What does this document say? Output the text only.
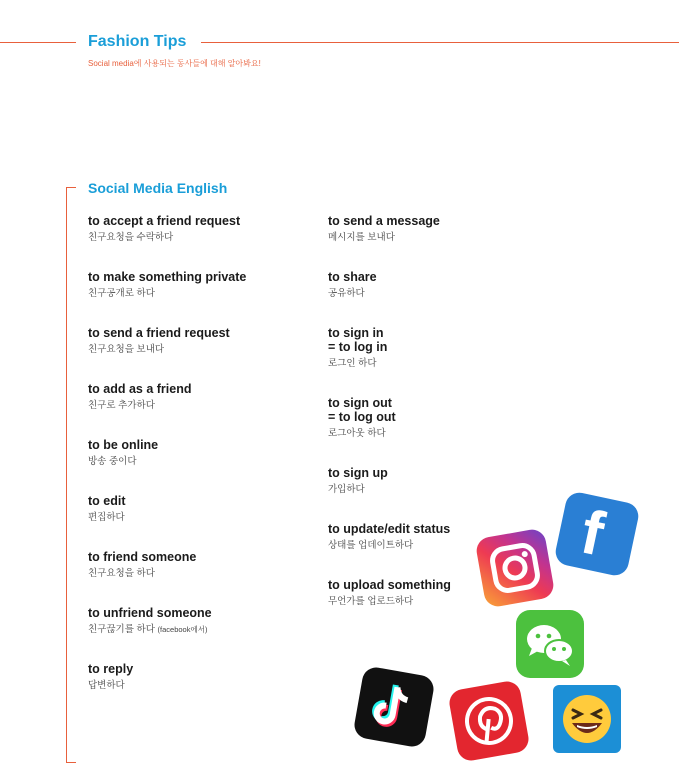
Fashion Tips
Social media에 사용되는 동사들에 대해 알아봐요!
Social Media English

to accept a friend request

친구요청을 수락하다

to make something private

친구공개로 하다

to send a friend request

친구요청을 보내다

to add as a friend

친구로 추가하다

to be online

방송 중이다

to edit

편집하다

to friend someone

친구요청을 하다

to unfriend someone

친구끊기를 하다 (facebook에서)

to reply

답변하다

to send a message

메시지를 보내다

to share

공유하다

to sign in

= to log in

로그인 하다

to sign out

= to log out

로그아웃 하다

to sign up

가입하다

to update/edit status

상태를 업데이트하다

to upload something

무언가를 업로드하다

f
